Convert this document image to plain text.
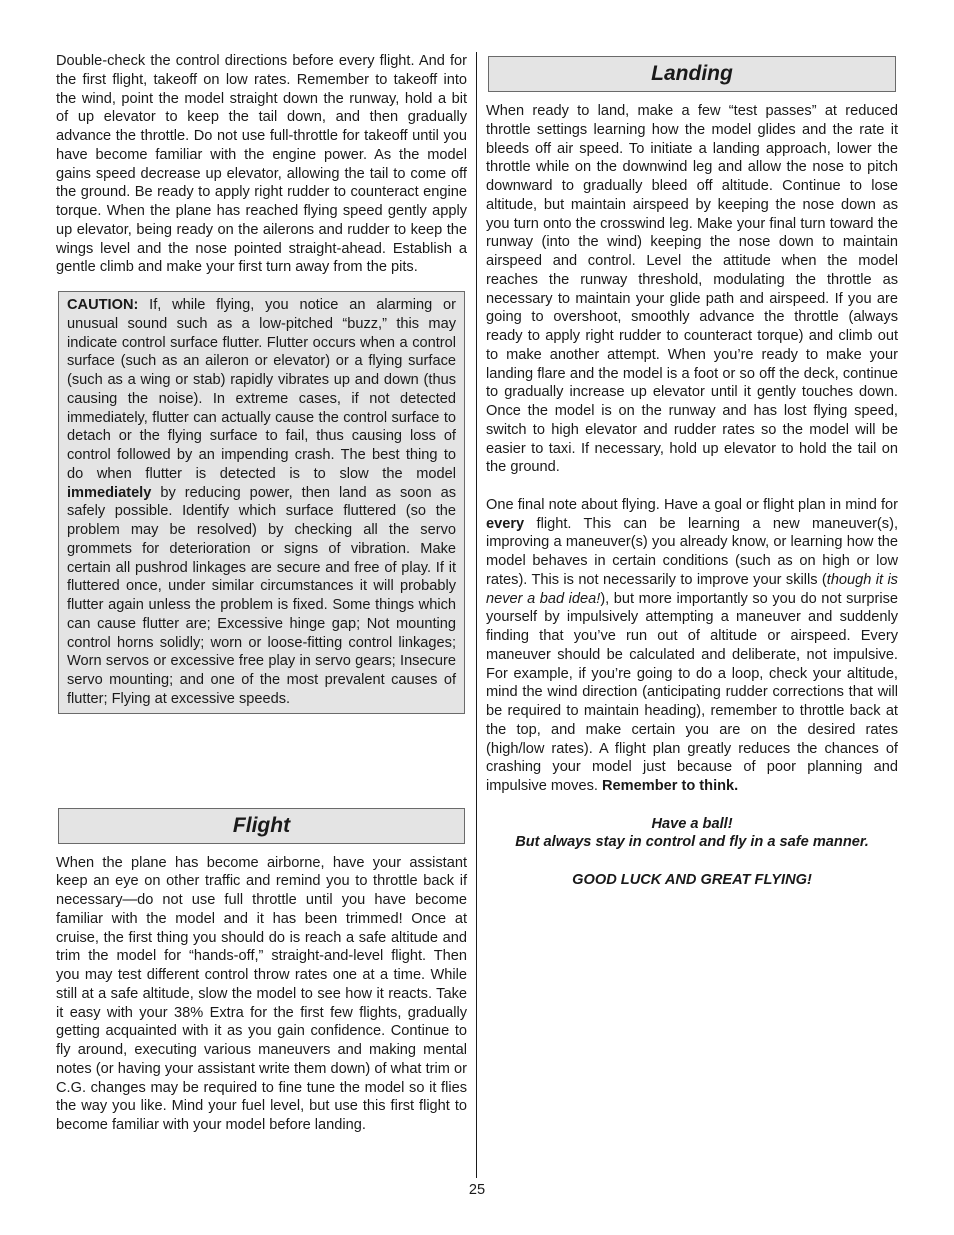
Double-check the control directions before every flight. And for the first flight, takeoff on low rates. Remember to takeoff into the wind, point the model straight down the runway, hold a bit of up elevator to keep the tail down, and then gradually advance the throttle. Do not use full-throttle for takeoff until you have become familiar with the engine power. As the model gains speed decrease up elevator, allowing the tail to come off the ground. Be ready to apply right rudder to counteract engine torque. When the plane has reached flying speed gently apply up elevator, being ready on the ailerons and rudder to keep the wings level and the nose pointed straight-ahead. Establish a gentle climb and make your first turn away from the pits.

CAUTION: If, while flying, you notice an alarming or unusual sound such as a low-pitched “buzz,” this may indicate control surface flutter. Flutter occurs when a control surface (such as an aileron or elevator) or a flying surface (such as a wing or stab) rapidly vibrates up and down (thus causing the noise). In extreme cases, if not detected immediately, flutter can actually cause the control surface to detach or the flying surface to fail, thus causing loss of control followed by an impending crash. The best thing to do when flutter is detected is to slow the model immediately by reducing power, then land as soon as safely possible. Identify which surface fluttered (so the problem may be resolved) by checking all the servo grommets for deterioration or signs of vibration. Make certain all pushrod linkages are secure and free of play. If it fluttered once, under similar circumstances it will probably flutter again unless the problem is fixed. Some things which can cause flutter are; Excessive hinge gap; Not mounting control horns solidly; worn or loose-fitting control linkages; Worn servos or excessive free play in servo gears; Insecure servo mounting; and one of the most prevalent causes of flutter; Flying at excessive speeds.

Flight

When the plane has become airborne, have your assistant keep an eye on other traffic and remind you to throttle back if necessary—do not use full throttle until you have become familiar with the model and it has been trimmed! Once at cruise, the first thing you should do is reach a safe altitude and trim the model for “hands-off,” straight-and-level flight. Then you may test different control throw rates one at a time. While still at a safe altitude, slow the model to see how it reacts. Take it easy with your 38% Extra for the first few flights, gradually getting acquainted with it as you gain confidence. Continue to fly around, executing various maneuvers and making mental notes (or having your assistant write them down) of what trim or C.G. changes may be required to fine tune the model so it flies the way you like. Mind your fuel level, but use this first flight to become familiar with your model before landing.

Landing

When ready to land, make a few “test passes” at reduced throttle settings learning how the model glides and the rate it bleeds off air speed. To initiate a landing approach, lower the throttle while on the downwind leg and allow the nose to pitch downward to gradually bleed off altitude. Continue to lose altitude, but maintain airspeed by keeping the nose down as you turn onto the crosswind leg. Make your final turn toward the runway (into the wind) keeping the nose down to maintain airspeed and control. Level the attitude when the model reaches the runway threshold, modulating the throttle as necessary to maintain your glide path and airspeed. If you are going to overshoot, smoothly advance the throttle (always ready to apply right rudder to counteract torque) and climb out to make another attempt. When you’re ready to make your landing flare and the model is a foot or so off the deck, continue to gradually increase up elevator until it gently touches down. Once the model is on the runway and has lost flying speed, switch to high elevator and rudder rates so the model will be easier to taxi. If necessary, hold up elevator to hold the tail on the ground.

One final note about flying. Have a goal or flight plan in mind for every flight. This can be learning a new maneuver(s), improving a maneuver(s) you already know, or learning how the model behaves in certain conditions (such as on high or low rates). This is not necessarily to improve your skills (though it is never a bad idea!), but more importantly so you do not surprise yourself by impulsively attempting a maneuver and suddenly finding that you’ve run out of altitude or airspeed. Every maneuver should be calculated and deliberate, not impulsive. For example, if you’re going to do a loop, check your altitude, mind the wind direction (anticipating rudder corrections that will be required to maintain heading), remember to throttle back at the top, and make certain you are on the desired rates (high/low rates). A flight plan greatly reduces the chances of crashing your model just because of poor planning and impulsive moves. Remember to think.

Have a ball!

But always stay in control and fly in a safe manner.

GOOD LUCK AND GREAT FLYING!

25
